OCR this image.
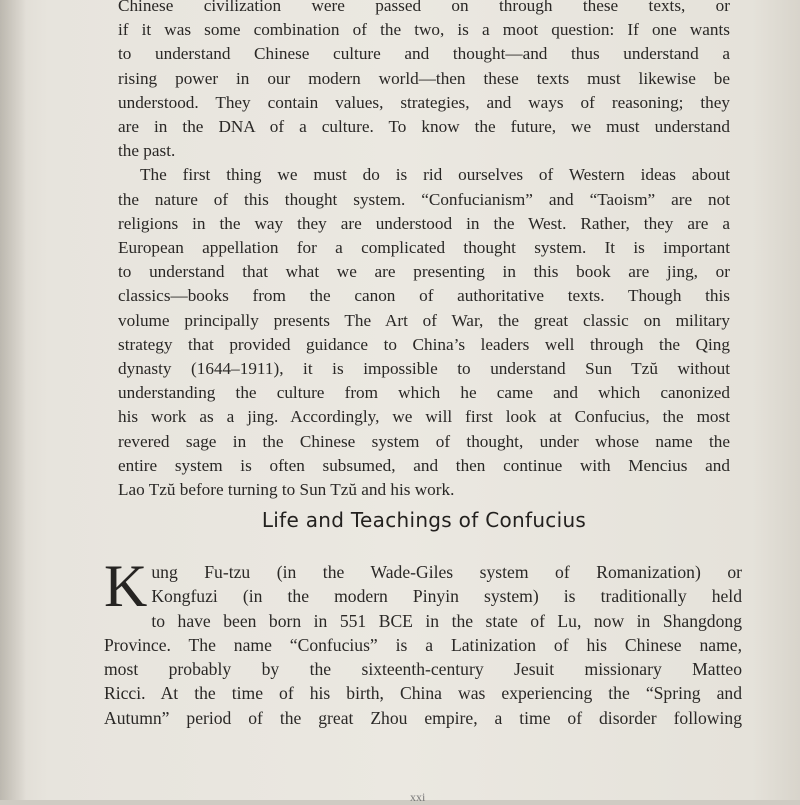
Chinese civilization were passed on through these texts, or
if it was some combination of the two, is a moot question: If one wants
to understand Chinese culture and thought—and thus understand a
rising power in our modern world—then these texts must likewise be
understood. They contain values, strategies, and ways of reasoning; they
are in the DNA of a culture. To know the future, we must understand
the past.
The first thing we must do is rid ourselves of Western ideas about
the nature of this thought system. “Confucianism” and “Taoism” are not
religions in the way they are understood in the West. Rather, they are a
European appellation for a complicated thought system. It is important
to understand that what we are presenting in this book are jing, or
classics—books from the canon of authoritative texts. Though this
volume principally presents The Art of War, the great classic on military
strategy that provided guidance to China’s leaders well through the Qing
dynasty (1644–1911), it is impossible to understand Sun Tzŭ without
understanding the culture from which he came and which canonized
his work as a jing. Accordingly, we will first look at Confucius, the most
revered sage in the Chinese system of thought, under whose name the
entire system is often subsumed, and then continue with Mencius and
Lao Tzŭ before turning to Sun Tzŭ and his work.
Life and Teachings of Confucius
K ung Fu-tzu (in the Wade-Giles system of Romanization) or
Kongfuzi (in the modern Pinyin system) is traditionally held
to have been born in 551 BCE in the state of Lu, now in Shangdong
Province. The name “Confucius” is a Latinization of his Chinese name,
most probably by the sixteenth-century Jesuit missionary Matteo
Ricci. At the time of his birth, China was experiencing the “Spring and
Autumn” period of the great Zhou empire, a time of disorder following
xxi
